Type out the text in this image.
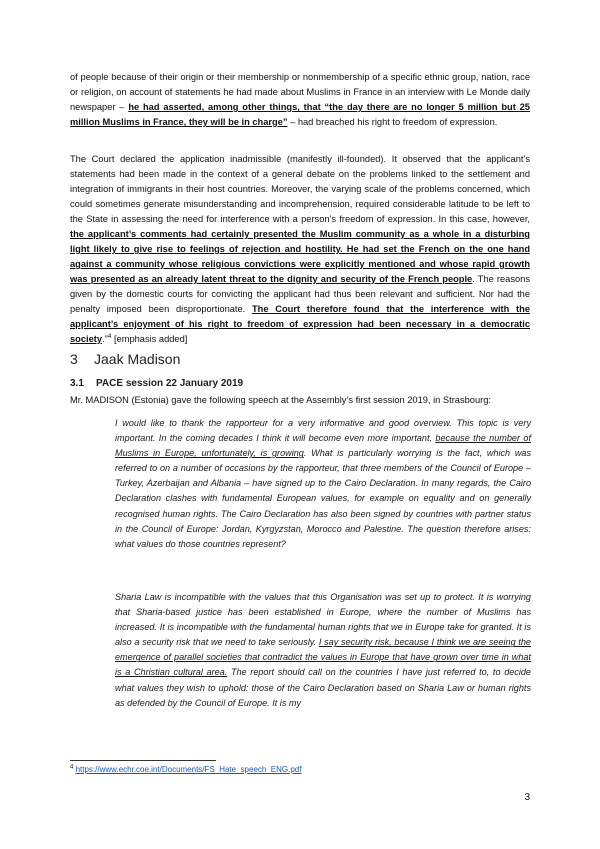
of people because of their origin or their membership or nonmembership of a specific ethnic group, nation, race or religion, on account of statements he had made about Muslims in France in an interview with Le Monde daily newspaper – he had asserted, among other things, that “the day there are no longer 5 million but 25 million Muslims in France, they will be in charge” – had breached his right to freedom of expression.

The Court declared the application inadmissible (manifestly ill-founded). It observed that the applicant’s statements had been made in the context of a general debate on the problems linked to the settlement and integration of immigrants in their host countries. Moreover, the varying scale of the problems concerned, which could sometimes generate misunderstanding and incomprehension, required considerable latitude to be left to the State in assessing the need for interference with a person’s freedom of expression. In this case, however, the applicant’s comments had certainly presented the Muslim community as a whole in a disturbing light likely to give rise to feelings of rejection and hostility. He had set the French on the one hand against a community whose religious convictions were explicitly mentioned and whose rapid growth was presented as an already latent threat to the dignity and security of the French people. The reasons given by the domestic courts for convicting the applicant had thus been relevant and sufficient. Nor had the penalty imposed been disproportionate. The Court therefore found that the interference with the applicant’s enjoyment of his right to freedom of expression had been necessary in a democratic society.”$^4$ [emphasis added]

3 Jaak Madison
3.1 PACE session 22 January 2019

Mr. MADISON (Estonia) gave the following speech at the Assembly’s first session 2019, in Strasbourg:

I would like to thank the rapporteur for a very informative and good overview. This topic is very important. In the coming decades I think it will become even more important, because the number of Muslims in Europe, unfortunately, is growing. What is particularly worrying is the fact, which was referred to on a number of occasions by the rapporteur, that three members of the Council of Europe – Turkey, Azerbaijan and Albania – have signed up to the Cairo Declaration. In many regards, the Cairo Declaration clashes with fundamental European values, for example on equality and on generally recognised human rights. The Cairo Declaration has also been signed by countries with partner status in the Council of Europe: Jordan, Kyrgyzstan, Morocco and Palestine. The question therefore arises: what values do those countries represent?

Sharia Law is incompatible with the values that this Organisation was set up to protect. It is worrying that Sharia-based justice has been established in Europe, where the number of Muslims has increased. It is incompatible with the fundamental human rights that we in Europe take for granted. It is also a security risk that we need to take seriously. I say security risk, because I think we are seeing the emergence of parallel societies that contradict the values in Europe that have grown over time in what is a Christian cultural area. The report should call on the countries I have just referred to, to decide what values they wish to uphold: those of the Cairo Declaration based on Sharia Law or human rights as defended by the Council of Europe. It is my

$^4$ https://www.echr.coe.int/Documents/FS_Hate_speech_ENG.pdf

3
